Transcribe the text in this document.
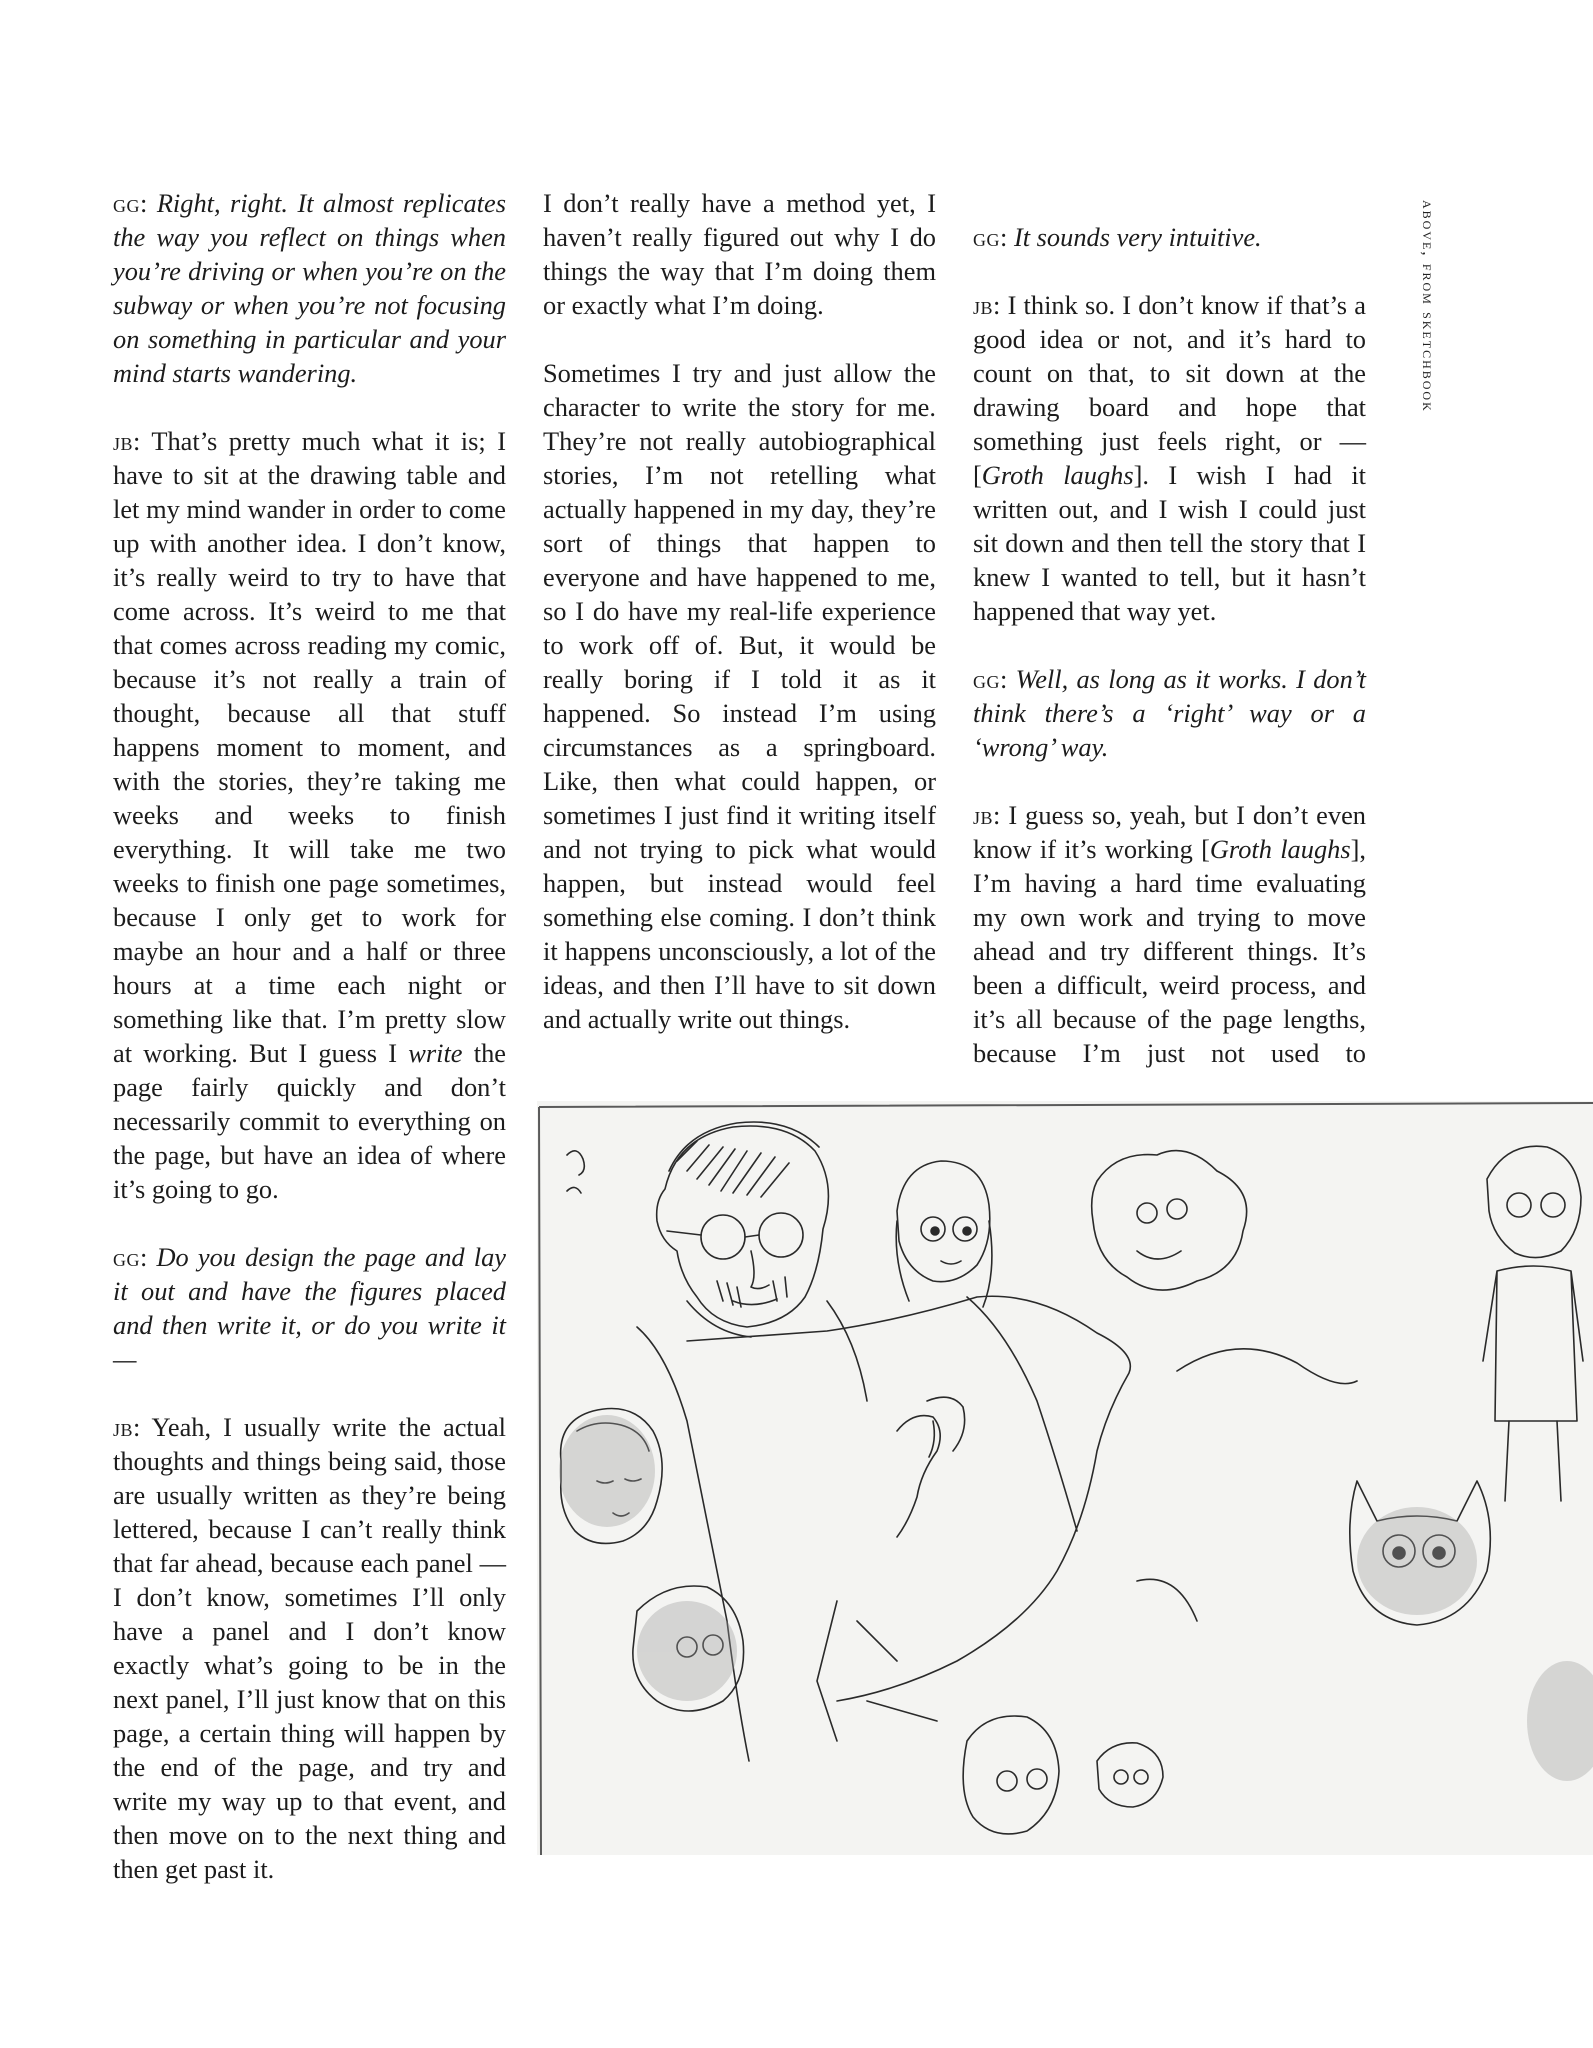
gg: Right, right. It almost replicates the way you reflect on things when you’re driving or when you’re on the subway or when you’re not focusing on something in particular and your mind starts wandering.

jb: That’s pretty much what it is; I have to sit at the drawing table and let my mind wander in order to come up with another idea. I don’t know, it’s really weird to try to have that come across. It’s weird to me that that comes across reading my comic, because it’s not really a train of thought, because all that stuff happens moment to moment, and with the stories, they’re taking me weeks and weeks to finish everything. It will take me two weeks to finish one page sometimes, because I only get to work for maybe an hour and a half or three hours at a time each night or something like that. I’m pretty slow at working. But I guess I write the page fairly quickly and don’t necessarily commit to everything on the page, but have an idea of where it’s going to go.

gg: Do you design the page and lay it out and have the figures placed and then write it, or do you write it —

jb: Yeah, I usually write the actual thoughts and things being said, those are usually written as they’re being lettered, because I can’t really think that far ahead, because each panel — I don’t know, sometimes I’ll only have a panel and I don’t know exactly what’s going to be in the next panel, I’ll just know that on this page, a certain thing will happen by the end of the page, and try and write my way up to that event, and then move on to the next thing and then get past it.

I don’t really have a method yet, I haven’t really figured out why I do things the way that I’m doing them or exactly what I’m doing.

Sometimes I try and just allow the character to write the story for me. They’re not really autobiographical stories, I’m not retelling what actually happened in my day, they’re sort of things that happen to everyone and have happened to me, so I do have my real-life experience to work off of. But, it would be really boring if I told it as it happened. So instead I’m using circumstances as a springboard. Like, then what could happen, or sometimes I just find it writing itself and not trying to pick what would happen, but instead would feel something else coming. I don’t think it happens unconsciously, a lot of the ideas, and then I’ll have to sit down and actually write out things.

gg: It sounds very intuitive.

jb: I think so. I don’t know if that’s a good idea or not, and it’s hard to count on that, to sit down at the drawing board and hope that something just feels right, or — [Groth laughs]. I wish I had it written out, and I wish I could just sit down and then tell the story that I knew I wanted to tell, but it hasn’t happened that way yet.

gg: Well, as long as it works. I don’t think there’s a ‘right’ way or a ‘wrong’ way.

jb: I guess so, yeah, but I don’t even know if it’s working [Groth laughs], I’m having a hard time evaluating my own work and trying to move ahead and try different things. It’s been a difficult, weird process, and it’s all because of the page lengths, because I’m just not used to

above, from sketchbook
